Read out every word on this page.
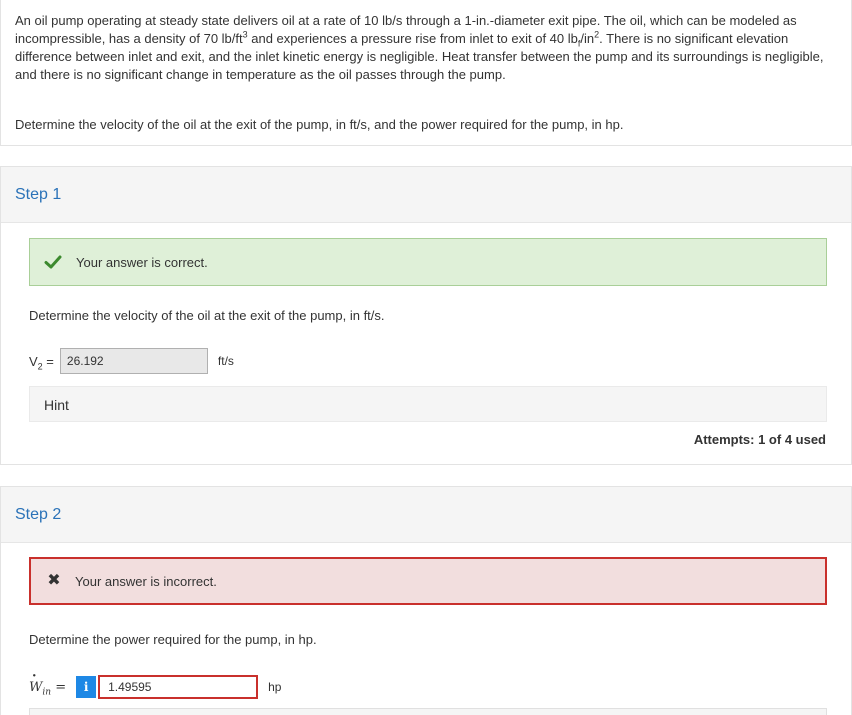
An oil pump operating at steady state delivers oil at a rate of 10 lb/s through a 1-in.-diameter exit pipe. The oil, which can be modeled as incompressible, has a density of 70 $lb/ft^3$ and experiences a pressure rise from inlet to exit of 40 $lb_f/in^2$. There is no significant elevation difference between inlet and exit, and the inlet kinetic energy is negligible. Heat transfer between the pump and its surroundings is negligible, and there is no significant change in temperature as the oil passes through the pump.

Determine the velocity of the oil at the exit of the pump, in ft/s, and the power required for the pump, in hp.

Step 1
Your answer is correct.
Determine the velocity of the oil at the exit of the pump, in ft/s.
$V_2$ =	26.192	ft/s
Hint
Attempts: 1 of 4 used
Step 2
✖ Your answer is incorrect.
Determine the power required for the pump, in hp.
· $W_{in}$ =	i	1.49595	hp
